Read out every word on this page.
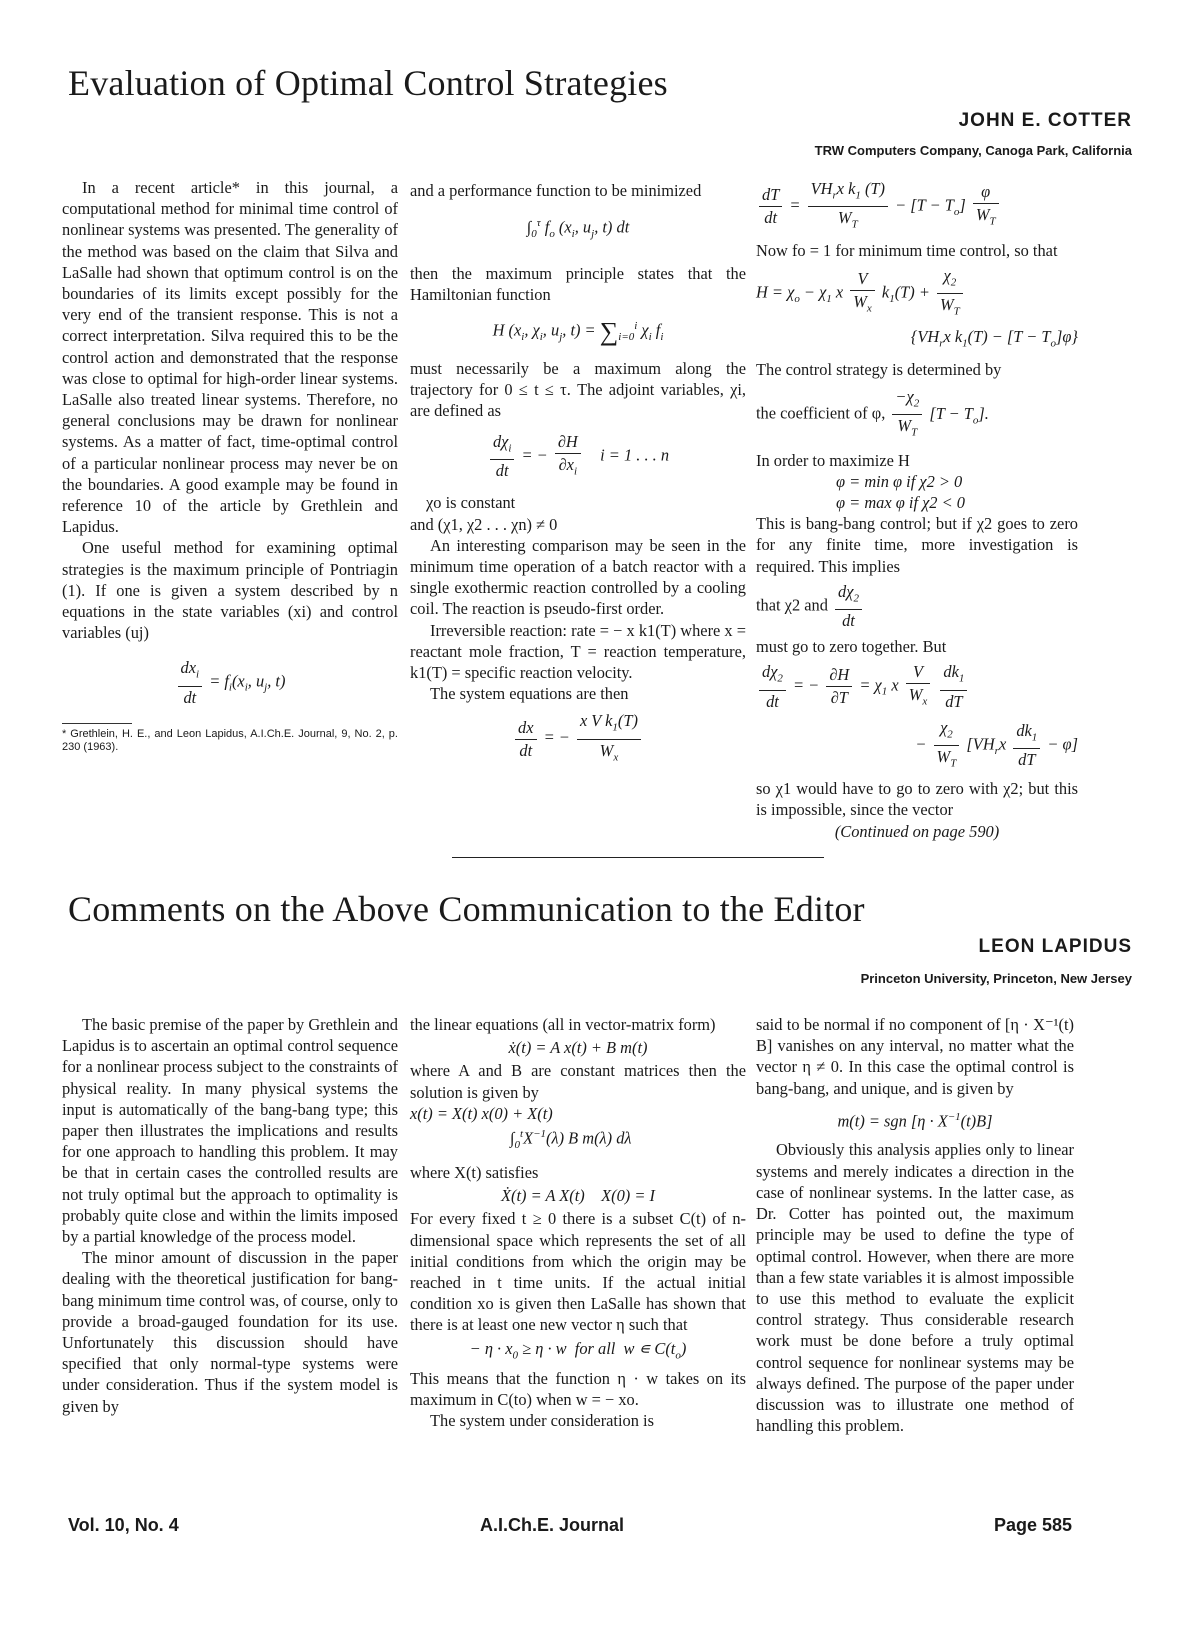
Evaluation of Optimal Control Strategies
JOHN E. COTTER
TRW Computers Company, Canoga Park, California

In a recent article* in this journal, a computational method for minimal time control of nonlinear systems was presented. The generality of the method was based on the claim that Silva and LaSalle had shown that optimum control is on the boundaries of its limits except possibly for the very end of the transient response. This is not a correct interpretation. Silva required this to be the control action and demonstrated that the response was close to optimal for high-order linear systems. LaSalle also treated linear systems. Therefore, no general conclusions may be drawn for nonlinear systems. As a matter of fact, time-optimal control of a particular nonlinear process may never be on the boundaries. A good example may be found in reference 10 of the article by Grethlein and Lapidus.

One useful method for examining optimal strategies is the maximum principle of Pontriagin (1). If one is given a system described by n equations in the state variables (xi) and control variables (uj)

$\frac{dx_i}{dt} = f_i(x_i$, $u_j$, t)

* Grethlein, H. E., and Leon Lapidus, A.I.Ch.E. Journal, 9, No. 2, p. 230 (1963).

and a performance function to be minimized

$\int_0^\tau$ $f_o$ ($x_i$, $u_j$, t) dt

then the maximum principle states that the Hamiltonian function

H ($x_i$, $\chi_i$, $u_j$, $t) = \sum_{i=0}^i$ $\chi_i$ $f_i$

must necessarily be a maximum along the trajectory for 0 ≤ t ≤ τ. The adjoint variables, χi, are defined as

$\frac{d\chi_i}{dt}$ = − $\frac{\partial H}{\partial x_i}$ i = 1 . . . n

χo is constant

and (χ1, χ2 . . . χn) ≠ 0

An interesting comparison may be seen in the minimum time operation of a batch reactor with a single exothermic reaction controlled by a cooling coil. The reaction is pseudo-first order.

Irreversible reaction: rate = − x k1(T) where x = reactant mole fraction, T = reaction temperature, k1(T) = specific reaction velocity.

The system equations are then

$\frac{dx}{dt}$ = − $\frac{x V k_1(T)}{W_x}$
$\frac{dT}{dt} = \frac{VH_rx k_1 (T)}{W_T} - [T - T_o] \frac{\varphi}{W_T}$

Now fo = 1 for minimum time control, so that

$H = \chi_o - \chi_1$ x $\frac{V}{W_x} k_1(T) + \frac{\chi_2}{W_T}$
{$VH_rx$ $k_1(T) - [T - T_o]\varphi$}

The control strategy is determined by

the coefficient of φ, $\frac{-\chi_2}{W_T} [T - T_o]$.

In order to maximize H

φ = min φ if χ2 > 0

φ = max φ if χ2 < 0

This is bang-bang control; but if χ2 goes to zero for any finite time, more investigation is required. This implies

that χ2 and $\frac{d\chi_2}{dt}$

must go to zero together. But

$\frac{d\chi_2}{dt}$ = − $\frac{\partial H}{\partial T} = \chi_1$ x $\frac{V}{W_x}$
$\frac{dk_1}{dT}$
− $\frac{\chi_2}{W_T} [VH_rx \frac{dk_1}{dT} - \varphi]$

so χ1 would have to go to zero with χ2; but this is impossible, since the vector

(Continued on page 590)

Comments on the Above Communication to the Editor
LEON LAPIDUS
Princeton University, Princeton, New Jersey

The basic premise of the paper by Grethlein and Lapidus is to ascertain an optimal control sequence for a nonlinear process subject to the constraints of physical reality. In many physical systems the input is automatically of the bang-bang type; this paper then illustrates the implications and results for one approach to handling this problem. It may be that in certain cases the controlled results are not truly optimal but the approach to optimality is probably quite close and within the limits imposed by a partial knowledge of the process model.

The minor amount of discussion in the paper dealing with the theoretical justification for bang-bang minimum time control was, of course, only to provide a broad-gauged foundation for its use. Unfortunately this discussion should have specified that only normal-type systems were under consideration. Thus if the system model is given by

the linear equations (all in vector-matrix form)

ẋ(t) = A x(t) + B m(t)

where A and B are constant matrices then the solution is given by

x(t) = X(t) x(0) + X(t)
$\int_0^tX^{-1}(\lambda)$ B m(λ) dλ

where X(t) satisfies

Ẋ(t) = A X(t)    X(0) = I

For every fixed t ≥ 0 there is a subset C(t) of n-dimensional space which represents the set of all initial conditions from which the origin may be reached in t time units. If the actual initial condition xo is given then LaSalle has shown that there is at least one new vector η such that

− $\eta \cdot x_0 \ge \eta \cdot w$  for all  w ∊ $C(t_o)$

This means that the function η · w takes on its maximum in C(to) when w = − xo.

The system under consideration is

said to be normal if no component of [η · X⁻¹(t) B] vanishes on any interval, no matter what the vector η ≠ 0. In this case the optimal control is bang-bang, and unique, and is given by

m(t) = sgn $[\eta \cdot X^{-1}(t)B]$

Obviously this analysis applies only to linear systems and merely indicates a direction in the case of nonlinear systems. In the latter case, as Dr. Cotter has pointed out, the maximum principle may be used to define the type of optimal control. However, when there are more than a few state variables it is almost impossible to use this method to evaluate the explicit control strategy. Thus considerable research work must be done before a truly optimal control sequence for nonlinear systems may be always defined. The purpose of the paper under discussion was to illustrate one method of handling this problem.

Vol. 10, No. 4	A.I.Ch.E. Journal	Page 585
